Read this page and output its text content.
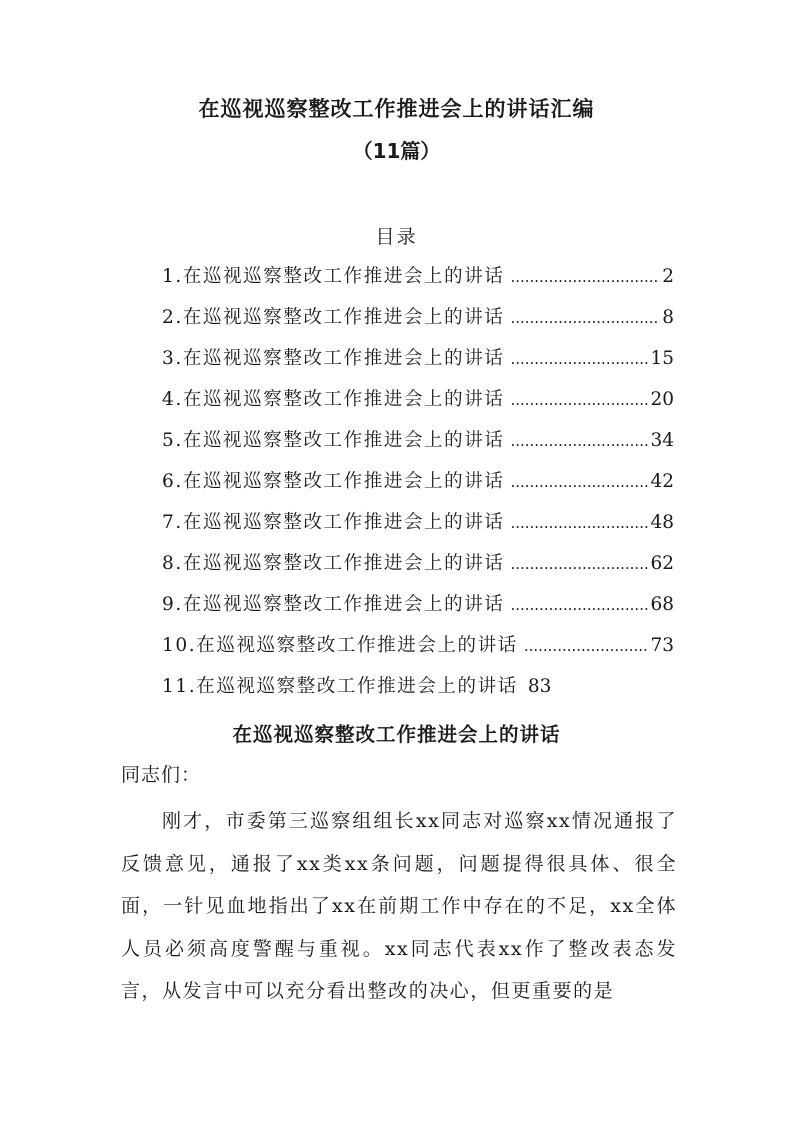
在巡视巡察整改工作推进会上的讲话汇编
（11篇）
目录
1.在巡视巡察整改工作推进会上的讲话 .....	2
2.在巡视巡察整改工作推进会上的讲话 .....	8
3.在巡视巡察整改工作推进会上的讲话 .....	15
4.在巡视巡察整改工作推进会上的讲话 .....	20
5.在巡视巡察整改工作推进会上的讲话 .....	34
6.在巡视巡察整改工作推进会上的讲话 .....	42
7.在巡视巡察整改工作推进会上的讲话 .....	48
8.在巡视巡察整改工作推进会上的讲话 .....	62
9.在巡视巡察整改工作推进会上的讲话 .....	68
10.在巡视巡察整改工作推进会上的讲话 .....	73
11.在巡视巡察整改工作推进会上的讲话 83
在巡视巡察整改工作推进会上的讲话
同志们：

刚才，市委第三巡察组组长xx同志对巡察xx情况通报了反馈意见，通报了xx类xx条问题，问题提得很具体、很全面，一针见血地指出了xx在前期工作中存在的不足，xx全体人员必须高度警醒与重视。xx同志代表xx作了整改表态发言，从发言中可以充分看出整改的决心，但更重要的是
